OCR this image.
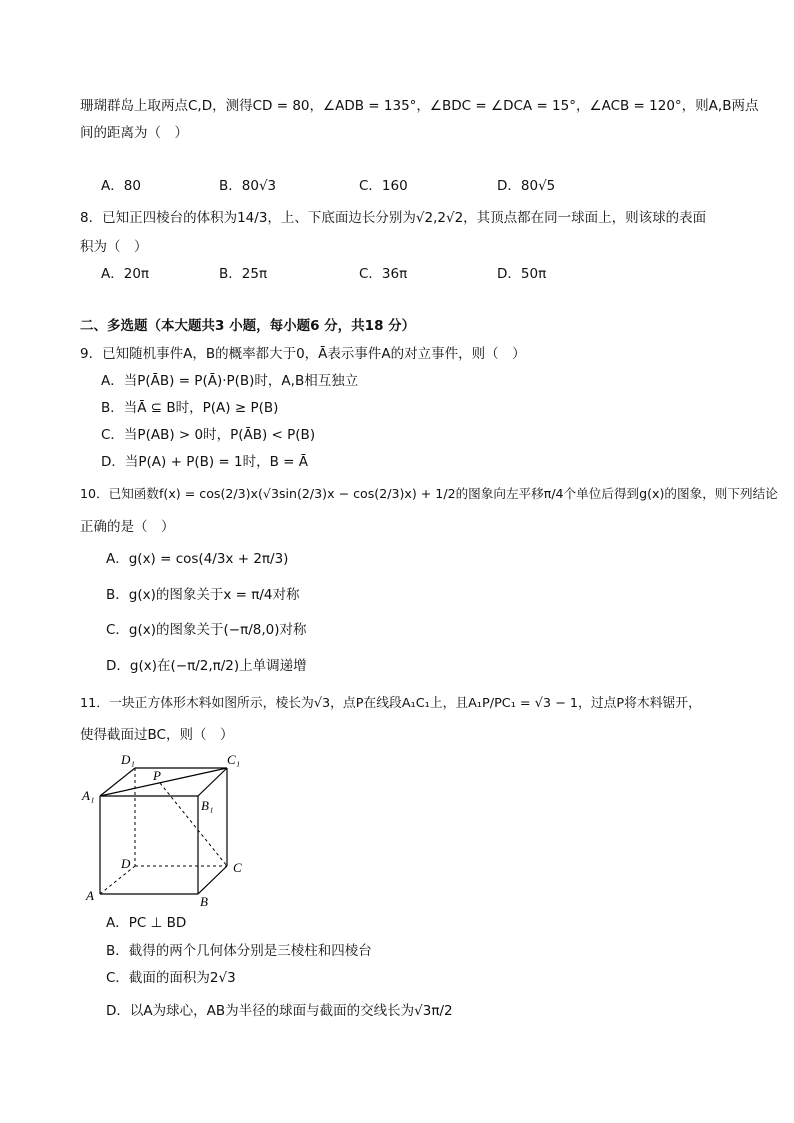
珊瑚群岛上取两点C,D，测得CD = 80，∠ADB = 135°，∠BDC = ∠DCA = 15°，∠ACB = 120°，则A,B两点
间的距离为（　）
A．80	B．80√3	C．160	D．80√5
8．已知正四棱台的体积为14/3，上、下底面边长分别为√2,2√2，其顶点都在同一球面上，则该球的表面
积为（　）
A．20π	B．25π	C．36π	D．50π
二、多选题（本大题共3 小题，每小题6 分，共18 分）
9．已知随机事件A，B的概率都大于0，Ā表示事件A的对立事件，则（　）
A．当P(ĀB) = P(Ā)·P(B)时，A,B相互独立
B．当Ā ⊆ B时，P(A) ≥ P(B)
C．当P(AB) > 0时，P(ĀB) < P(B)
D．当P(A) + P(B) = 1时，B = Ā
10．已知函数f(x) = cos(2/3)x(√3sin(2/3)x − cos(2/3)x) + 1/2的图象向左平移π/4个单位后得到g(x)的图象，则下列结论
正确的是（　）
A．g(x) = cos(4/3x + 2π/3)
B．g(x)的图象关于x = π/4对称
C．g(x)的图象关于(−π/8,0)对称
D．g(x)在(−π/2,π/2)上单调递增
11．一块正方体形木料如图所示，棱长为√3，点P在线段A₁C₁上，且A₁P/PC₁ = √3 − 1，过点P将木料锯开，
使得截面过BC，则（　）
D₁	C₁
A₁
B₁
P
D	C
A	B
A．PC ⊥ BD
B．截得的两个几何体分别是三棱柱和四棱台
C．截面的面积为2√3
D．以A为球心，AB为半径的球面与截面的交线长为√3π/2
